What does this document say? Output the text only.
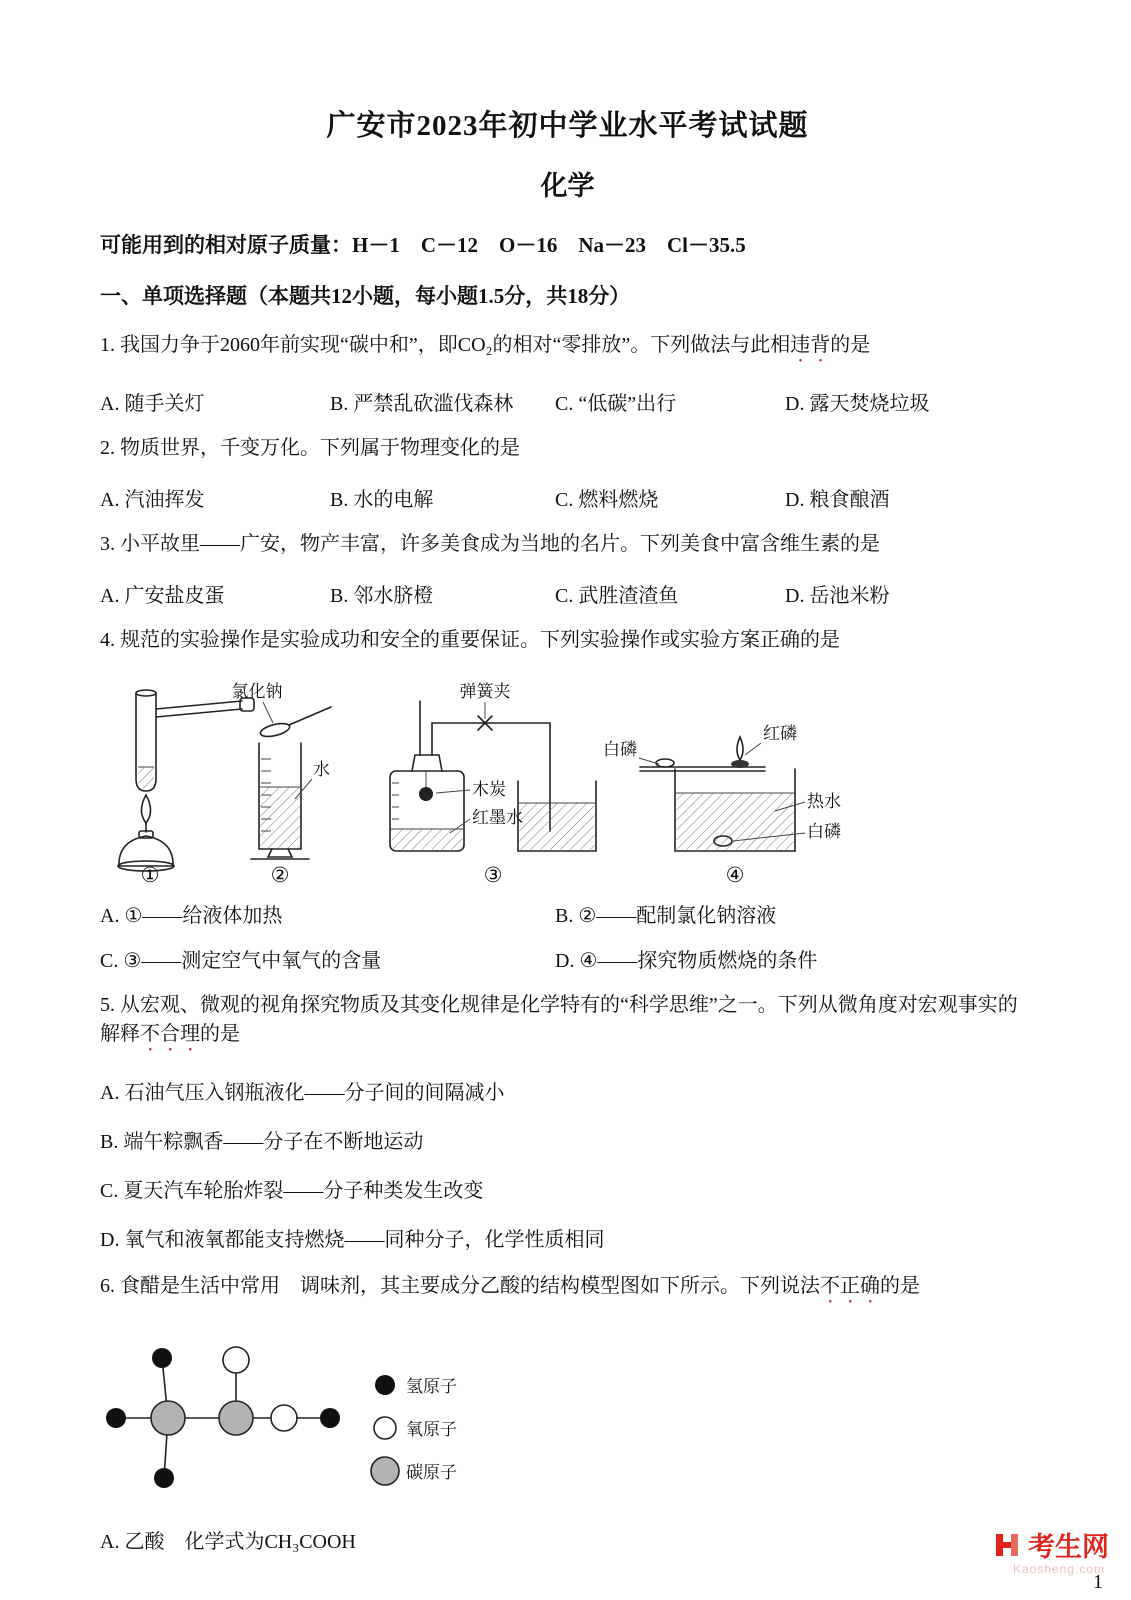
广安市2023年初中学业水平考试试题
化学

可能用到的相对原子质量：H－1　C－12　O－16　Na－23　Cl－35.5

一、单项选择题（本题共12小题，每小题1.5分，共18分）

1. 我国力争于2060年前实现“碳中和”，即CO₂的相对“零排放”。下列做法与此相违背的是

A. 随手关灯	B. 严禁乱砍滥伐森林	C. “低碳”出行	D. 露天焚烧垃圾

2. 物质世界，千变万化。下列属于物理变化的是

A. 汽油挥发	B. 水的电解	C. 燃料燃烧	D. 粮食酿酒

3. 小平故里——广安，物产丰富，许多美食成为当地的名片。下列美食中富含维生素的是

A. 广安盐皮蛋	B. 邻水脐橙	C. 武胜渣渣鱼	D. 岳池米粉

4. 规范的实验操作是实验成功和安全的重要保证。下列实验操作或实验方案正确的是

氯化钠
水
弹簧夹
木炭
红墨水
白磷
红磷
热水
白磷
①	②	③	④
A. ①——给液体加热	B. ②——配制氯化钠溶液
C. ③——测定空气中氧气的含量	D. ④——探究物质燃烧的条件

5. 从宏观、微观的视角探究物质及其变化规律是化学特有的“科学思维”之一。下列从微角度对宏观事实的解释不合理的是

A. 石油气压入钢瓶液化——分子间的间隔减小

B. 端午粽飘香——分子在不断地运动

C. 夏天汽车轮胎炸裂——分子种类发生改变

D. 氧气和液氧都能支持燃烧——同种分子，化学性质相同

6. 食醋是生活中常用　调味剂，其主要成分乙酸的结构模型图如下所示。下列说法不正确的是

氢原子
氧原子
碳原子

A. 乙酸　化学式为CH₃COOH

Kaosheng.com
考生网
1
